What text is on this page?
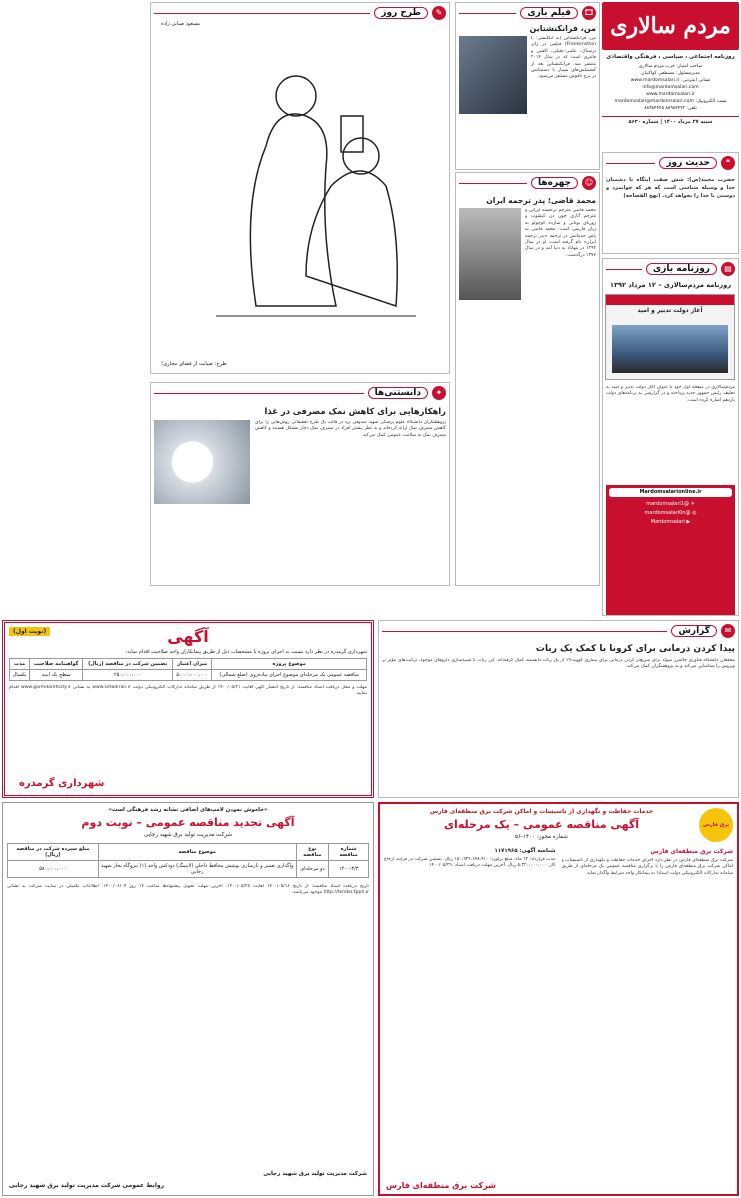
مردم سالاری
روزنامه اجتماعی ، سیاسی ، فرهنگی واقتصادی
صاحب امتیاز: حزب مردم سالاری
مدیرمسئول: مصطفی کواکبیان
نشانی اینترنتی: www.mardomsalari.ir
info@mardomsalari.com
www.mardomsalari.ir
پست الکترونیک: mardomsalari@mardomsalari.com
تلفن: ۸۸۹۸۴۴۴۲ ۸۸۹۸۴۴۴۵
شنبه ۲۷ مرداد ۱۴۰۰ | شماره ۵۶۳۰
❝
حدیث روز
حضرت محمد(ص): شش صفت اینگاه با دشمنان خدا و وسیله شناسی است که هر که جوانمرد و دوستی با خدا را بخواهد کرد. (نهج الفصاحه)
▤
روزنامه بازی
روزنامه مردم‌سالاری – ۱۲ مرداد ۱۳۹۲
آغاز دولت تدبیر و امید
مردم‌سالاری در صفحه اول خود با عنوان آغاز دولت تدبیر و امید به تحلیف رئیس جمهور جدید پرداخته و در گزارشی به برنامه‌های دولت یازدهم اشاره کرده است.
Mardomsalarionline.ir
✈ @mardomsalari1
◎ @mardomsalari0n
▶ Mardomsalari
✎
طرح روز
مسعود ضیایی زاده
طرح: صیانت از فضای مجازی!
🎞
فیلم بازی
من، فرانکنشتاین
من، فرانکنشتاین (به انگلیسی: I, Frankenstein) فیلمی در ژانر ترسناک، علمی–تخیلی، اکشن و فانتزی است که در سال ۲۰۱۴ منتشر شد. فرانکنشتاین بعد از کشمکش‌های بسیار با دشمنانش در برج ناقوس مستقر می‌شود.
☺
چهره‌ها
محمد قاضی؛ پدر ترجمه ایران
محمد قاضی مترجم برجسته ایرانی و مترجم آثاری چون دن کیشوت و زوربای یونانی و شازده کوچولو به زبان فارسی است. محمد قاضی به پاس خدماتش در ترجمه «پدر ترجمه ایران» نام گرفته است. او در سال ۱۲۹۲ در مهاباد به دنیا آمد و در سال ۱۳۷۷ درگذشت.
✦
دانستنی‌ها
راهکارهایی برای کاهش نمک مصرفی در غذا
پژوهشگران دانشگاه علوم پزشکی شهید صدوقی یزد در قالب یک طرح تحقیقاتی روش‌هایی را برای کاهش مصرف نمک ارائه کرده‌اند و به نظر بیشتر افراد در مصرف نمک دچار مشکل هستند و کاهش مصرف نمک به سلامت عمومی کمک می‌کند.
✉
گزارش
پیدا کردن درمانی برای کرونا با کمک یک ربات
محققان دانشگاه فناوری چالمرز سوئد برای سریع‌تر کردن درمانی برای بیماری کووید-۱۹ از یک ربات دانشمند کمک گرفته‌اند. این ربات با شبیه‌سازی داروهای موجود، ترکیب‌های مؤثر بر ویروس را شناسایی می‌کند و به پژوهشگران کمک می‌کند.
(نوبت اول)	آگهی
شهرداری گرمدره در نظر دارد نسبت به اجرای پروژه با مشخصات ذیل از طریق پیمانکاران واجد صلاحیت اقدام نماید:
موضوع پروژه	میزان اعتبار	تضمین شرکت در مناقصه (ریال)	گواهینامه صلاحیت	مدت
مناقصه عمومی یک مرحله‌ای موضوع اجرای پیاده‌روی (ضلع شمالی)	۵،۰۰۰،۰۰۰،۰۰۰	۲۵۰،۰۰۰،۰۰۰	سطح یک ابنیه	یکسال
مهلت و محل دریافت اسناد مناقصه: از تاریخ انتشار آگهی لغایت ۱۴۰۰/۰۵/۲۱ از طریق سامانه تدارکات الکترونیکی دولت www.setadiran.ir به نشانی www.garmdarehcity.ir اقدام نمایید.
شهرداری گرمدره
برق فارس
خدمات حفاظت و نگهداری از تاسیسات و اماکن شرکت برق منطقه‌ای فارس
آگهی مناقصه عمومی – یک مرحله‌ای
شماره مجوز: ۱۴۰۰-۵۶
شرکت برق منطقه‌ای فارس
شرکت برق منطقه‌ای فارس در نظر دارد اجرای خدمات حفاظت و نگهداری از تاسیسات و اماکن شرکت برق منطقه‌ای فارس را با برگزاری مناقصه عمومی یک مرحله‌ای از طریق سامانه تدارکات الکترونیکی دولت (ستاد) به پیمانکار واجد شرایط واگذار نماید.
شناسه آگهی: ۱۱۷۱۹۶۵
مدت قرارداد: ۱۲ ماه. مبلغ برآورد: ۱۵۰،۹۲۴،۶۷۸،۹۱۰ ریال. تضمین شرکت در فرآیند ارجاع کار: ۵،۳۲۰،۰۰۰،۰۰۰ ریال. آخرین مهلت دریافت اسناد: ۱۴۰۰/۰۵/۲۹.
شرکت برق منطقه‌ای فارس
«خاموش نمودن لامپ‌های اضافی نشانه رشد فرهنگی است»
آگهی تجدید مناقصه عمومی – نوبت دوم
شرکت مدیریت تولید برق شهید رجایی
شماره مناقصه	نوع مناقصه	موضوع مناقصه	مبلغ سپرده شرکت در مناقصه (ریال)
۱۴۰۰-۳/۳	دو مرحله‌ای	واگذاری تعمیر و بازسازی پوشش محافظ داخلی (لاینینگ) دودکش واحد (۱) نیروگاه بخار شهید رجایی	۵۸۰،۰۰۰،۰۰۰
تاریخ دریافت اسناد مناقصه: از تاریخ ۱۴۰۰/۰۵/۱۶ لغایت ۱۴۰۰/۰۵/۲۵. آخرین مهلت تحویل پیشنهادها ساعت ۱۴ روز ۱۴۰۰/۰۶/۰۷. اطلاعات تکمیلی در سایت شرکت به نشانی http://tender.tpph.ir موجود می‌باشد.
شرکت مدیریت تولید برق شهید رجایی
روابط عمومی شرکت مدیریت تولید برق شهید رجایی
